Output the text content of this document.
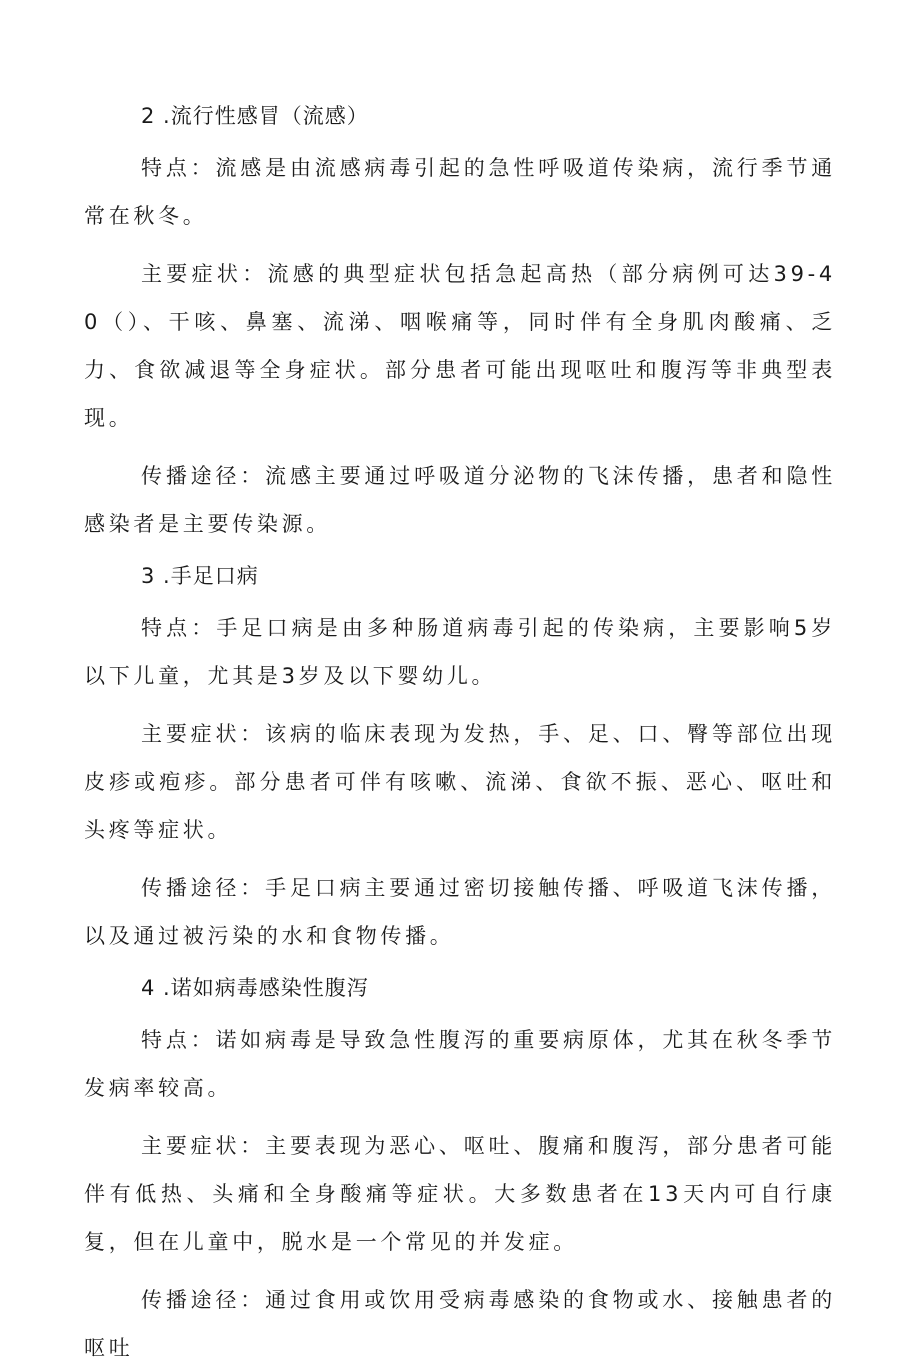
2 .流行性感冒（流感）

特点：流感是由流感病毒引起的急性呼吸道传染病，流行季节通常在秋冬。

主要症状：流感的典型症状包括急起高热（部分病例可达39-40（）、干咳、鼻塞、流涕、咽喉痛等，同时伴有全身肌肉酸痛、乏力、食欲减退等全身症状。部分患者可能出现呕吐和腹泻等非典型表现。

传播途径：流感主要通过呼吸道分泌物的飞沫传播，患者和隐性感染者是主要传染源。

3 .手足口病

特点：手足口病是由多种肠道病毒引起的传染病，主要影响5岁以下儿童，尤其是3岁及以下婴幼儿。

主要症状：该病的临床表现为发热，手、足、口、臀等部位出现皮疹或疱疹。部分患者可伴有咳嗽、流涕、食欲不振、恶心、呕吐和头疼等症状。

传播途径：手足口病主要通过密切接触传播、呼吸道飞沫传播，以及通过被污染的水和食物传播。

4 .诺如病毒感染性腹泻

特点：诺如病毒是导致急性腹泻的重要病原体，尤其在秋冬季节发病率较高。

主要症状：主要表现为恶心、呕吐、腹痛和腹泻，部分患者可能伴有低热、头痛和全身酸痛等症状。大多数患者在13天内可自行康复，但在儿童中，脱水是一个常见的并发症。

传播途径：通过食用或饮用受病毒感染的食物或水、接触患者的呕吐
